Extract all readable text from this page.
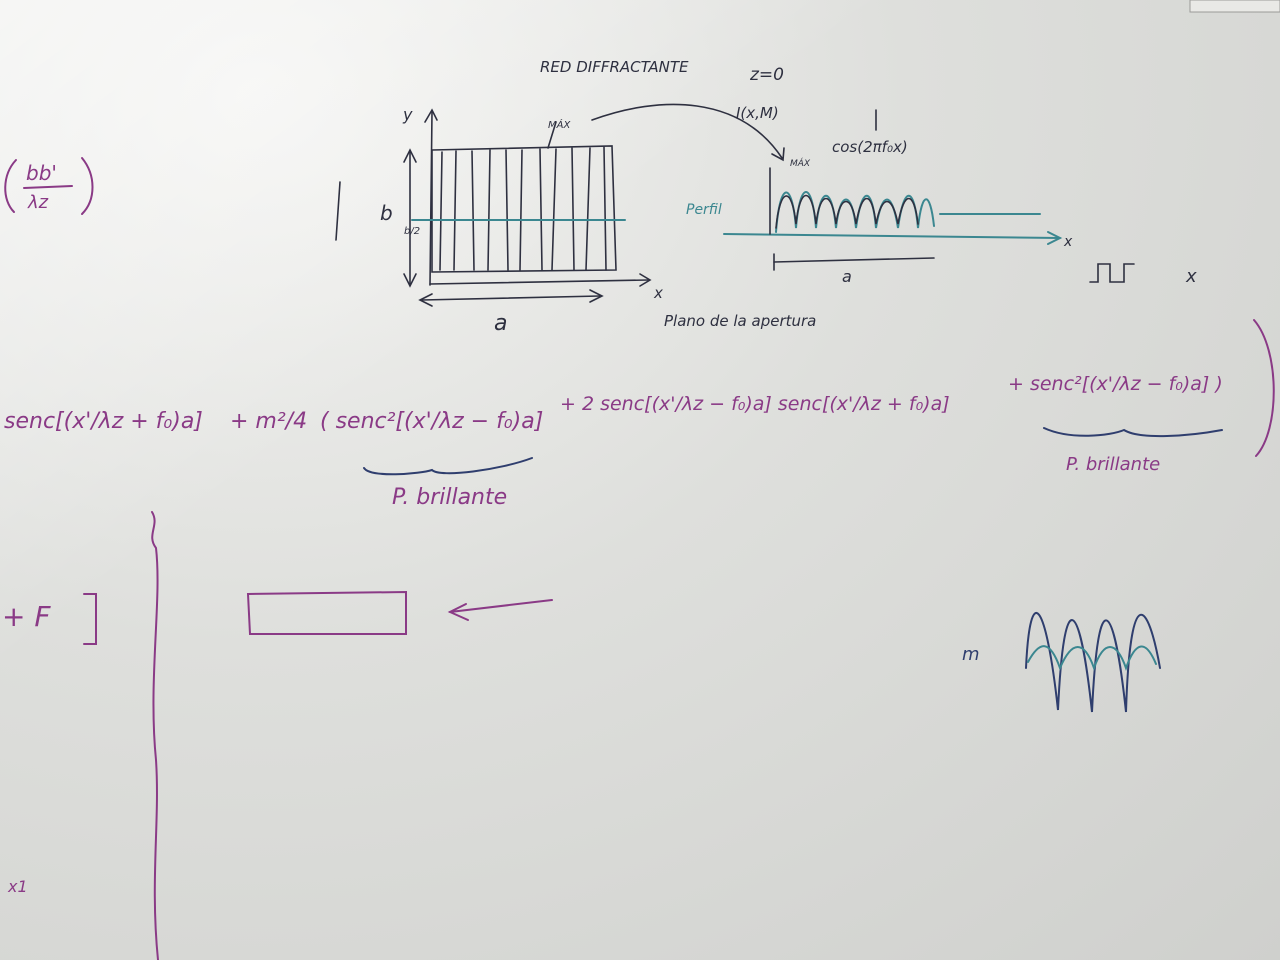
RED DIFFRACTANTE	z=0
y
x
b
b/2
a
MÁX
Plano de la apertura
I(x,M)
MÁX
cos(2πf₀x)
Perfil
x
a	x
bb'
λz
+ F
x1
senc[(x'/λz + f₀)a] + m²/4 ( senc²[(x'/λz − f₀)a]
+ 2 senc[(x'/λz − f₀)a] senc[(x'/λz + f₀)a]
+ senc²[(x'/λz − f₀)a] )
P. brillante
P. brillante
m
